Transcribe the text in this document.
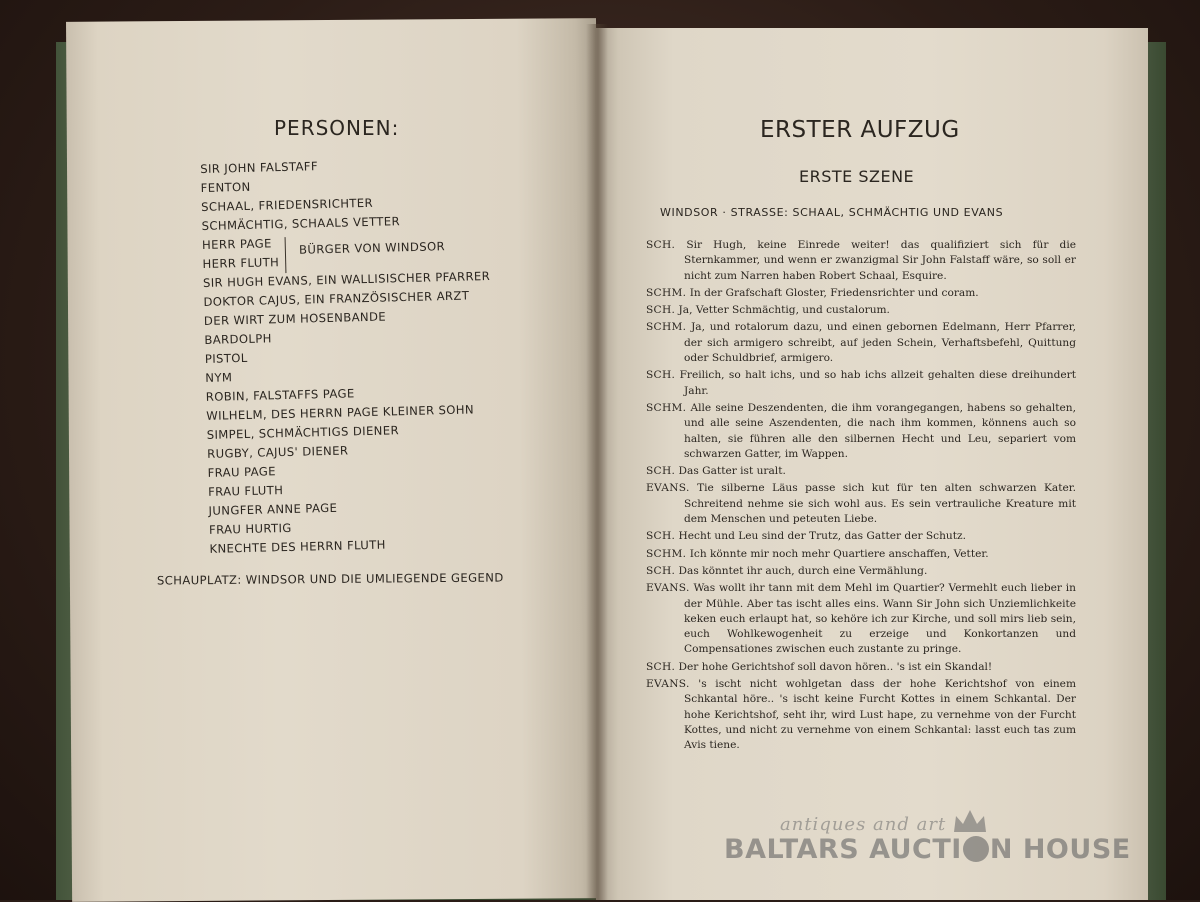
PERSONEN:
SIR JOHN FALSTAFF
FENTON
SCHAAL, FRIEDENSRICHTER
SCHMÄCHTIG, SCHAALS VETTER
HERR PAGE
HERR FLUTH
SIR HUGH EVANS, EIN WALLISISCHER PFARRER
DOKTOR CAJUS, EIN FRANZÖSISCHER ARZT
DER WIRT ZUM HOSENBANDE
BARDOLPH
PISTOL
NYM
ROBIN, FALSTAFFS PAGE
WILHELM, DES HERRN PAGE KLEINER SOHN
SIMPEL, SCHMÄCHTIGS DIENER
RUGBY, CAJUS' DIENER
FRAU PAGE
FRAU FLUTH
JUNGFER ANNE PAGE
FRAU HURTIG
KNECHTE DES HERRN FLUTH
BÜRGER VON WINDSOR
SCHAUPLATZ: WINDSOR UND DIE UMLIEGENDE GEGEND
ERSTER AUFZUG
ERSTE SZENE
WINDSOR · STRASSE: SCHAAL, SCHMÄCHTIG UND EVANS

SCH. Sir Hugh, keine Einrede weiter! das qualifiziert sich für die Sternkammer, und wenn er zwanzigmal Sir John Falstaff wäre, so soll er nicht zum Narren haben Robert Schaal, Esquire.

SCHM. In der Grafschaft Gloster, Friedensrichter und coram.

SCH. Ja, Vetter Schmächtig, und custalorum.

SCHM. Ja, und rotalorum dazu, und einen gebornen Edelmann, Herr Pfarrer, der sich armigero schreibt, auf jeden Schein, Verhaftsbefehl, Quittung oder Schuldbrief, armigero.

SCH. Freilich, so halt ichs, und so hab ichs allzeit gehalten diese dreihundert Jahr.

SCHM. Alle seine Deszendenten, die ihm vorangegangen, habens so gehalten, und alle seine Aszendenten, die nach ihm kommen, könnens auch so halten, sie führen alle den silbernen Hecht und Leu, separiert vom schwarzen Gatter, im Wappen.

SCH. Das Gatter ist uralt.

EVANS. Tie silberne Läus passe sich kut für ten alten schwarzen Kater. Schreitend nehme sie sich wohl aus. Es sein vertrauliche Kreature mit dem Menschen und peteuten Liebe.

SCH. Hecht und Leu sind der Trutz, das Gatter der Schutz.

SCHM. Ich könnte mir noch mehr Quartiere anschaffen, Vetter.

SCH. Das könntet ihr auch, durch eine Vermählung.

EVANS. Was wollt ihr tann mit dem Mehl im Quartier? Vermehlt euch lieber in der Mühle. Aber tas ischt alles eins. Wann Sir John sich Unziemlichkeite keken euch erlaupt hat, so kehöre ich zur Kirche, und soll mirs lieb sein, euch Wohlkewogenheit zu erzeige und Konkortanzen und Compensationes zwischen euch zustante zu pringe.

SCH. Der hohe Gerichtshof soll davon hören.. 's ist ein Skandal!

EVANS. 's ischt nicht wohlgetan dass der hohe Kerichtshof von einem Schkantal höre.. 's ischt keine Furcht Kottes in einem Schkantal. Der hohe Kerichtshof, seht ihr, wird Lust hape, zu vernehme von der Furcht Kottes, und nicht zu vernehme von einem Schkantal: lasst euch tas zum Avis tiene.

antiques and art
BALTARS AUCTI N HOUSE
